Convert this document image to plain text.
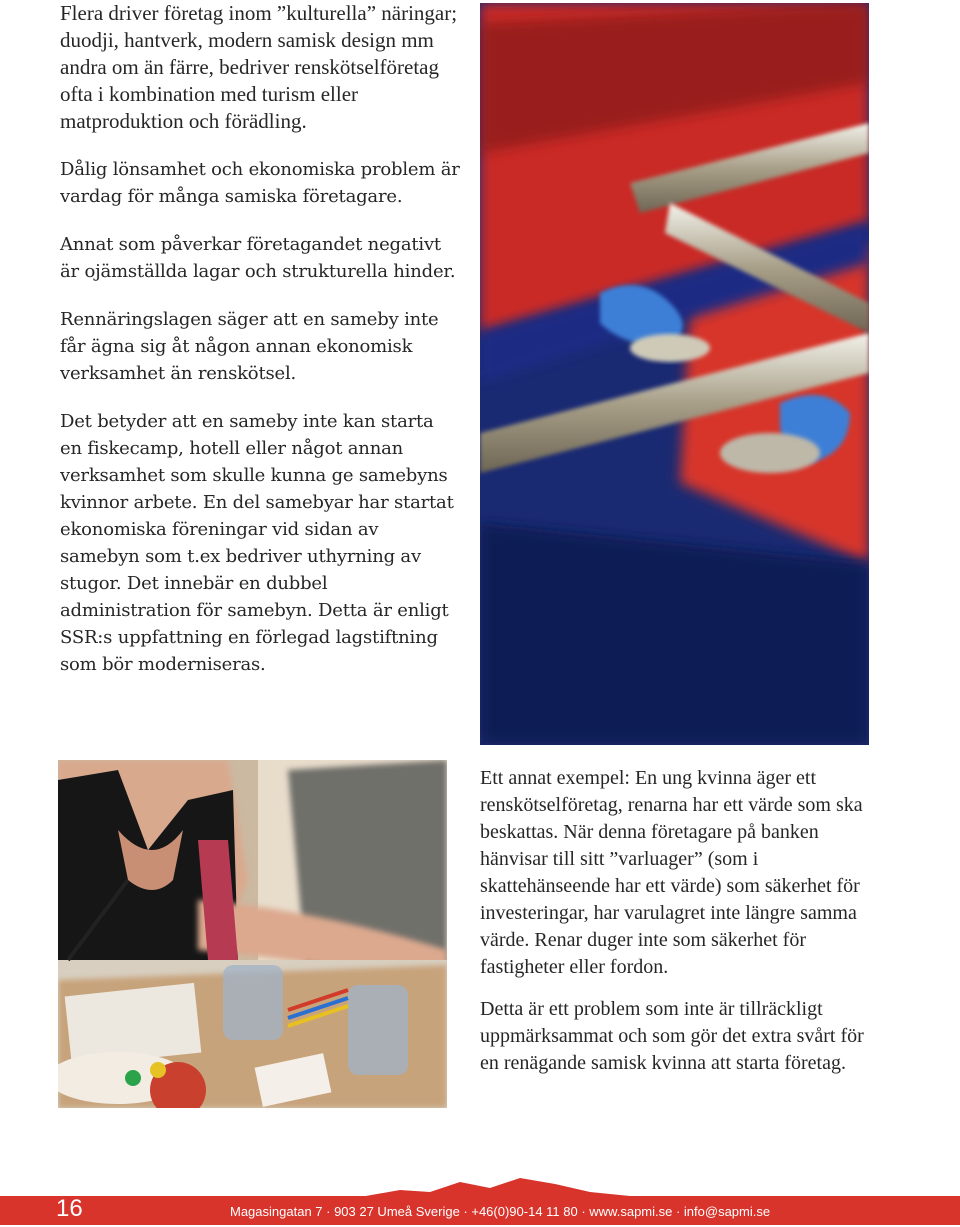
Flera driver företag inom ”kulturella” näringar; duodji, hantverk, modern samisk design mm andra om än färre, bedriver renskötselföretag ofta i kombination med turism eller matproduktion och förädling.

Dålig lönsamhet och ekonomiska problem är vardag för många samiska företagare.

Annat som påverkar företagandet negativt är ojämställda lagar och strukturella hinder.

Rennäringslagen säger att en sameby inte får ägna sig åt någon annan ekonomisk verksamhet än renskötsel.

Det betyder att en sameby inte kan starta en fiskecamp, hotell eller något annan verksamhet som skulle kunna ge samebyns kvinnor arbete. En del samebyar har startat ekonomiska föreningar vid sidan av samebyn som t.ex bedriver uthyrning av stugor. Det innebär en dubbel administration för samebyn. Detta är enligt SSR:s uppfattning en förlegad lagstiftning som bör moderniseras.

Ett annat exempel: En ung kvinna äger ett renskötselföretag, renarna har ett värde som ska beskattas. När denna företagare på banken hänvisar till sitt ”varluager” (som i skattehänseende har ett värde) som säkerhet för investeringar, har varulagret inte längre samma värde. Renar duger inte som säkerhet för fastigheter eller fordon.

Detta är ett problem som inte är tillräckligt uppmärksammat och som gör det extra svårt för en renägande samisk kvinna att starta företag.

16	Magasingatan 7 · 903 27 Umeå Sverige · +46(0)90-14 11 80 · www.sapmi.se · info@sapmi.se
